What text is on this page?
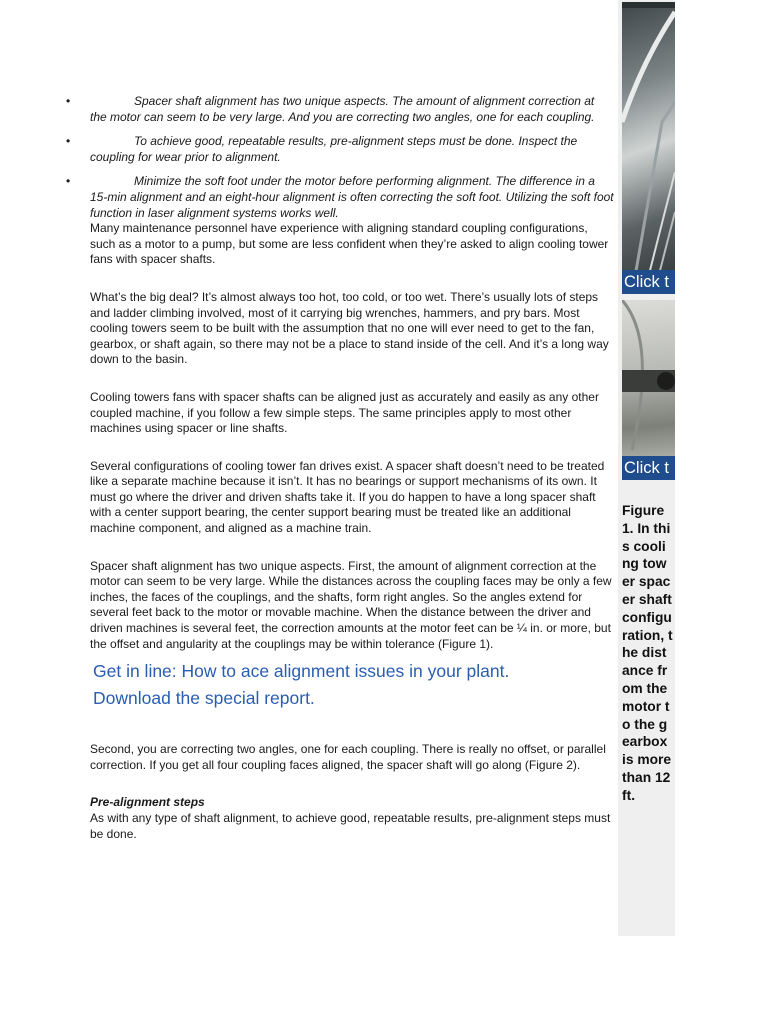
•	Spacer shaft alignment has two unique aspects. The amount of alignment correction at the motor can seem to be very large. And you are correcting two angles, one for each coupling.
•	To achieve good, repeatable results, pre-alignment steps must be done. Inspect the coupling for wear prior to alignment.
•	Minimize the soft foot under the motor before performing alignment. The difference in a 15-min alignment and an eight-hour alignment is often correcting the soft foot. Utilizing the soft foot function in laser alignment systems works well.

Many maintenance personnel have experience with aligning standard coupling configurations, such as a motor to a pump, but some are less confident when they’re asked to align cooling tower fans with spacer shafts.

What’s the big deal? It’s almost always too hot, too cold, or too wet. There’s usually lots of steps and ladder climbing involved, most of it carrying big wrenches, hammers, and pry bars. Most cooling towers seem to be built with the assumption that no one will ever need to get to the fan, gearbox, or shaft again, so there may not be a place to stand inside of the cell. And it’s a long way down to the basin.

Cooling towers fans with spacer shafts can be aligned just as accurately and easily as any other coupled machine, if you follow a few simple steps. The same principles apply to most other machines using spacer or line shafts.

Several configurations of cooling tower fan drives exist. A spacer shaft doesn’t need to be treated like a separate machine because it isn’t. It has no bearings or support mechanisms of its own. It must go where the driver and driven shafts take it. If you do happen to have a long spacer shaft with a center support bearing, the center support bearing must be treated like an additional machine component, and aligned as a machine train.

Spacer shaft alignment has two unique aspects. First, the amount of alignment correction at the motor can seem to be very large. While the distances across the coupling faces may be only a few inches, the faces of the couplings, and the shafts, form right angles. So the angles extend for several feet back to the motor or movable machine. When the distance between the driver and driven machines is several feet, the correction amounts at the motor feet can be ¼ in. or more, but the offset and angularity at the couplings may be within tolerance (Figure 1).

Get in line: How to ace alignment issues in your plant.
Download the special report.

Second, you are correcting two angles, one for each coupling. There is really no offset, or parallel correction. If you get all four coupling faces aligned, the spacer shaft will go along (Figure 2).

Pre-alignment steps

As with any type of shaft alignment, to achieve good, repeatable results, pre-alignment steps must be done.

Click t
Click t
Figure 1. In this cooling tower spacer shaft configuration, the distance from the motor to the gearbox is more than 12 ft.
